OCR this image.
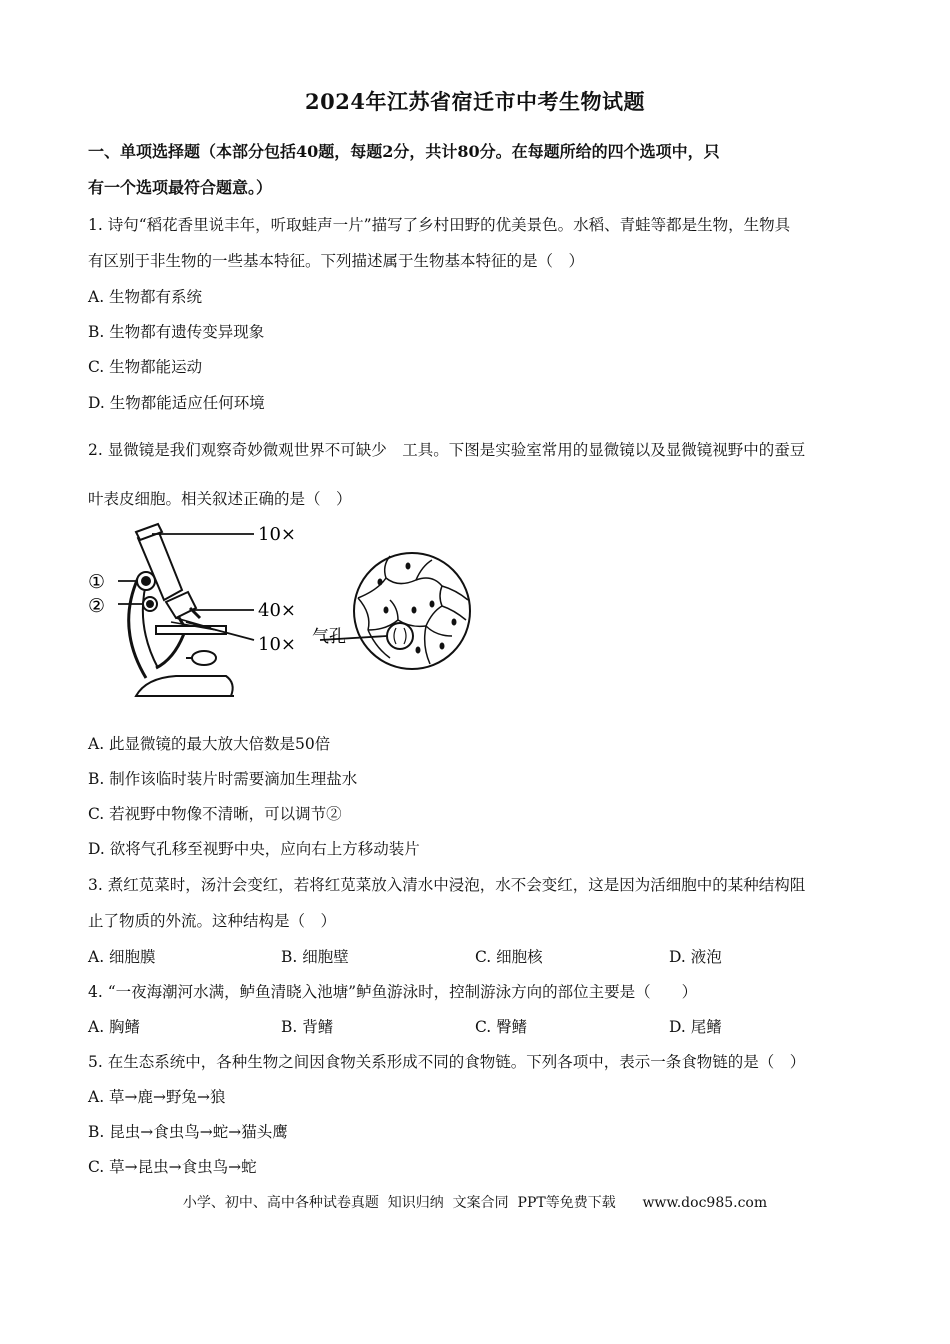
2024年江苏省宿迁市中考生物试题
一、单项选择题（本部分包括40题，每题2分，共计80分。在每题所给的四个选项中，只
有一个选项最符合题意。）
1. 诗句“稻花香里说丰年，听取蛙声一片”描写了乡村田野的优美景色。水稻、青蛙等都是生物，生物具
有区别于非生物的一些基本特征。下列描述属于生物基本特征的是（　）
A. 生物都有系统
B. 生物都有遗传变异现象
C. 生物都能运动
D. 生物都能适应任何环境
2. 显微镜是我们观察奇妙微观世界不可缺少　工具。下图是实验室常用的显微镜以及显微镜视野中的蚕豆
叶表皮细胞。相关叙述正确的是（　）
①
②
10×
40×
10× 气孔
A. 此显微镜的最大放大倍数是50倍
B. 制作该临时装片时需要滴加生理盐水
C. 若视野中物像不清晰，可以调节②
D. 欲将气孔移至视野中央，应向右上方移动装片
3. 煮红苋菜时，汤汁会变红，若将红苋菜放入清水中浸泡，水不会变红，这是因为活细胞中的某种结构阻
止了物质的外流。这种结构是（　）
A. 细胞膜	B. 细胞壁	C. 细胞核	D. 液泡
4. “一夜海潮河水满，鲈鱼清晓入池塘”鲈鱼游泳时，控制游泳方向的部位主要是（　　）
A. 胸鳍	B. 背鳍	C. 臀鳍	D. 尾鳍
5. 在生态系统中，各种生物之间因食物关系形成不同的食物链。下列各项中，表示一条食物链的是（　）
A. 草→鹿→野兔→狼
B. 昆虫→食虫鸟→蛇→猫头鹰
C. 草→昆虫→食虫鸟→蛇
小学、初中、高中各种试卷真题  知识归纳  文案合同  PPT等免费下载      www.doc985.com
